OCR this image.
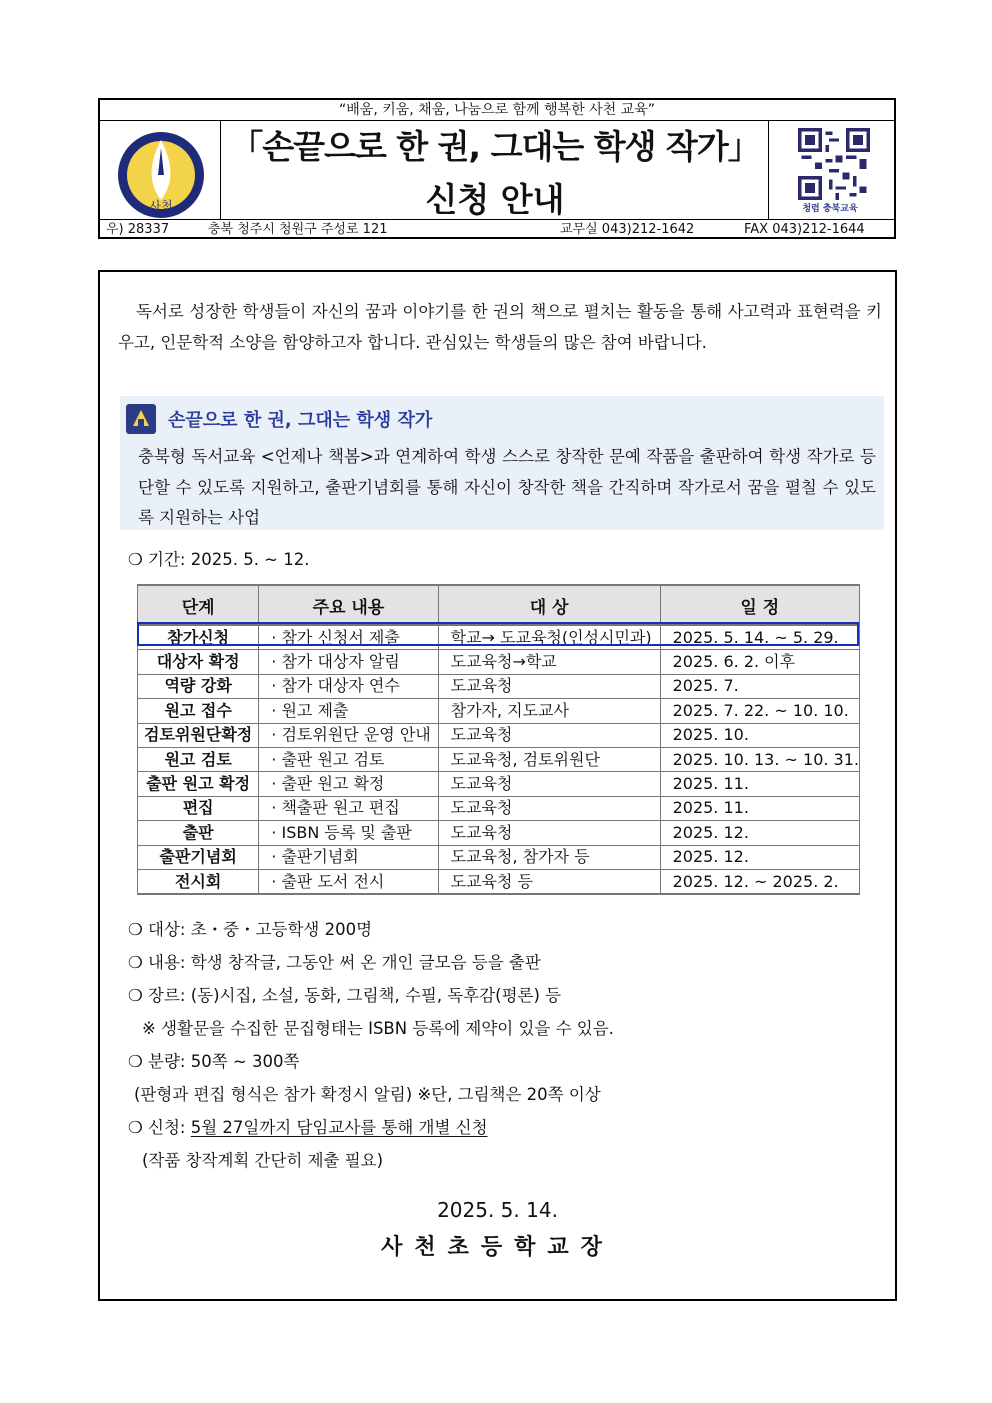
“배움, 키움, 채움, 나눔으로 함께 행복한 사천 교육”
사천
「손끝으로 한 권, 그대는 학생 작가」
신청 안내	청렴 충북교육
우) 28337	충북 청주시 청원구 주성로 121	교무실 043)212-1642	FAX 043)212-1644

독서로 성장한 학생들이 자신의 꿈과 이야기를 한 권의 책으로 펼치는 활동을 통해 사고력과 표현력을 키우고, 인문학적 소양을 함양하고자 합니다. 관심있는 학생들의 많은 참여 바랍니다.

손끝으로 한 권, 그대는 학생 작가
충북형 독서교육 <언제나 책봄>과 연계하여 학생 스스로 창작한 문예 작품을 출판하여 학생 작가로 등단할 수 있도록 지원하고, 출판기념회를 통해 자신이 창작한 책을 간직하며 작가로서 꿈을 펼칠 수 있도록 지원하는 사업
❍ 기간: 2025. 5. ~ 12.
단계	주요 내용	대 상	일 정
참가신청	· 참가 신청서 제출	학교→ 도교육청(인성시민과)	2025. 5. 14. ~ 5. 29.
대상자 확정	· 참가 대상자 알림	도교육청→학교	2025. 6. 2. 이후
역량 강화	· 참가 대상자 연수	도교육청	2025. 7.
원고 접수	· 원고 제출	참가자, 지도교사	2025. 7. 22. ~ 10. 10.
검토위원단확정	· 검토위원단 운영 안내	도교육청	2025. 10.
원고 검토	· 출판 원고 검토	도교육청, 검토위원단	2025. 10. 13. ~ 10. 31.
출판 원고 확정	· 출판 원고 확정	도교육청	2025. 11.
편집	· 책출판 원고 편집	도교육청	2025. 11.
출판	· ISBN 등록 및 출판	도교육청	2025. 12.
출판기념회	· 출판기념회	도교육청, 참가자 등	2025. 12.
전시회	· 출판 도서 전시	도교육청 등	2025. 12. ~ 2025. 2.
❍ 대상: 초・중・고등학생 200명
❍ 내용: 학생 창작글, 그동안 써 온 개인 글모음 등을 출판
❍ 장르: (동)시집, 소설, 동화, 그림책, 수필, 독후감(평론) 등
※ 생활문을 수집한 문집형태는 ISBN 등록에 제약이 있을 수 있음.
❍ 분량: 50쪽 ~ 300쪽
(판형과 편집 형식은 참가 확정시 알림) ※단, 그림책은 20쪽 이상
❍ 신청: 5월 27일까지 담임교사를 통해 개별 신청
(작품 창작계획 간단히 제출 필요)
2025. 5. 14.
사천초등학교장
